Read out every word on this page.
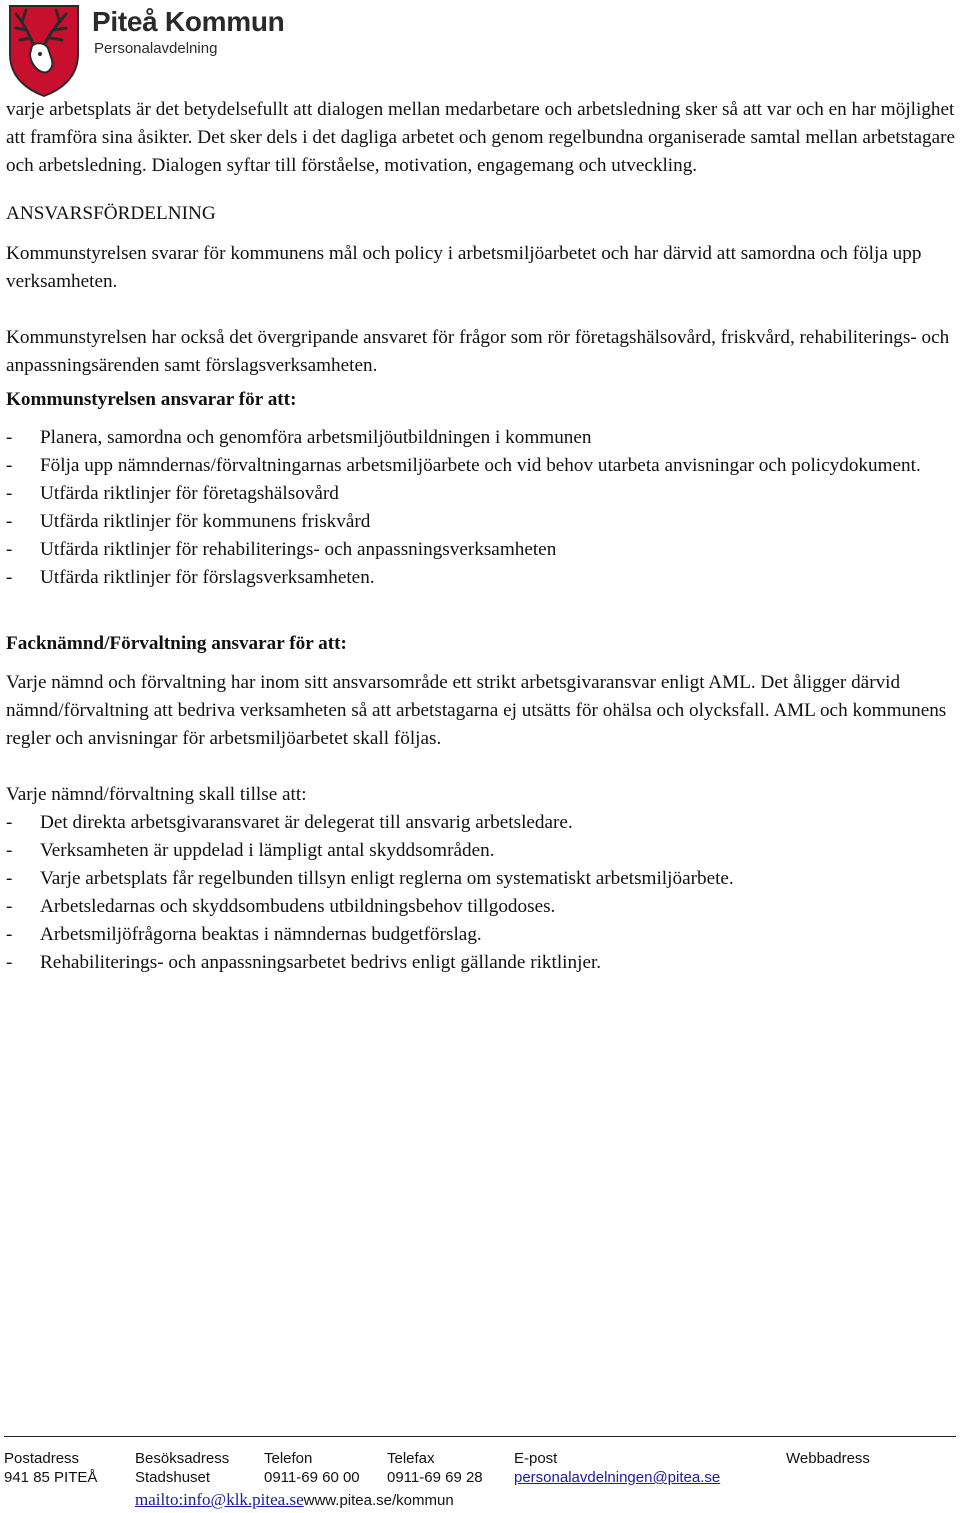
Piteå Kommun
Personalavdelning

varje arbetsplats är det betydelsefullt att dialogen mellan medarbetare och arbetsledning sker så att var och en har möjlighet att framföra sina åsikter. Det sker dels i det dagliga arbetet och genom regelbundna organiserade samtal mellan arbetstagare och arbetsledning. Dialogen syftar till förståelse, motivation, engagemang och utveckling.

ANSVARSFÖRDELNING

Kommunstyrelsen svarar för kommunens mål och policy i arbetsmiljöarbetet och har därvid att samordna och följa upp verksamheten.

Kommunstyrelsen har också det övergripande ansvaret för frågor som rör företagshälsovård, friskvård, rehabiliterings- och anpassningsärenden samt förslagsverksamheten.

Kommunstyrelsen ansvarar för att:

- Planera, samordna och genomföra arbetsmiljöutbildningen i kommunen
- Följa upp nämndernas/förvaltningarnas arbetsmiljöarbete och vid behov utarbeta anvisningar och policydokument.
- Utfärda riktlinjer för företagshälsovård
- Utfärda riktlinjer för kommunens friskvård
- Utfärda riktlinjer för rehabiliterings- och anpassningsverksamheten
- Utfärda riktlinjer för förslagsverksamheten.

Facknämnd/Förvaltning ansvarar för att:

Varje nämnd och förvaltning har inom sitt ansvarsområde ett strikt arbetsgivaransvar enligt AML. Det åligger därvid nämnd/förvaltning att bedriva verksamheten så att arbetstagarna ej utsätts för ohälsa och olycksfall. AML och kommunens regler och anvisningar för arbetsmiljöarbetet skall följas.

Varje nämnd/förvaltning skall tillse att:

- Det direkta arbetsgivaransvaret är delegerat till ansvarig arbetsledare.
- Verksamheten är uppdelad i lämpligt antal skyddsområden.
- Varje arbetsplats får regelbunden tillsyn enligt reglerna om systematiskt arbetsmiljöarbete.
- Arbetsledarnas och skyddsombudens utbildningsbehov tillgodoses.
- Arbetsmiljöfrågorna beaktas i nämndernas budgetförslag.
- Rehabiliterings- och anpassningsarbetet bedrivs enligt gällande riktlinjer.
Postadress
941 85 PITEÅ
Besöksadress
Stadshuset
mailto:info@klk.pitea.sewww.pitea.se/kommun
Telefon
0911-69 60 00
Telefax
0911-69 69 28
E-post
personalavdelningen@pitea.se
Webbadress
